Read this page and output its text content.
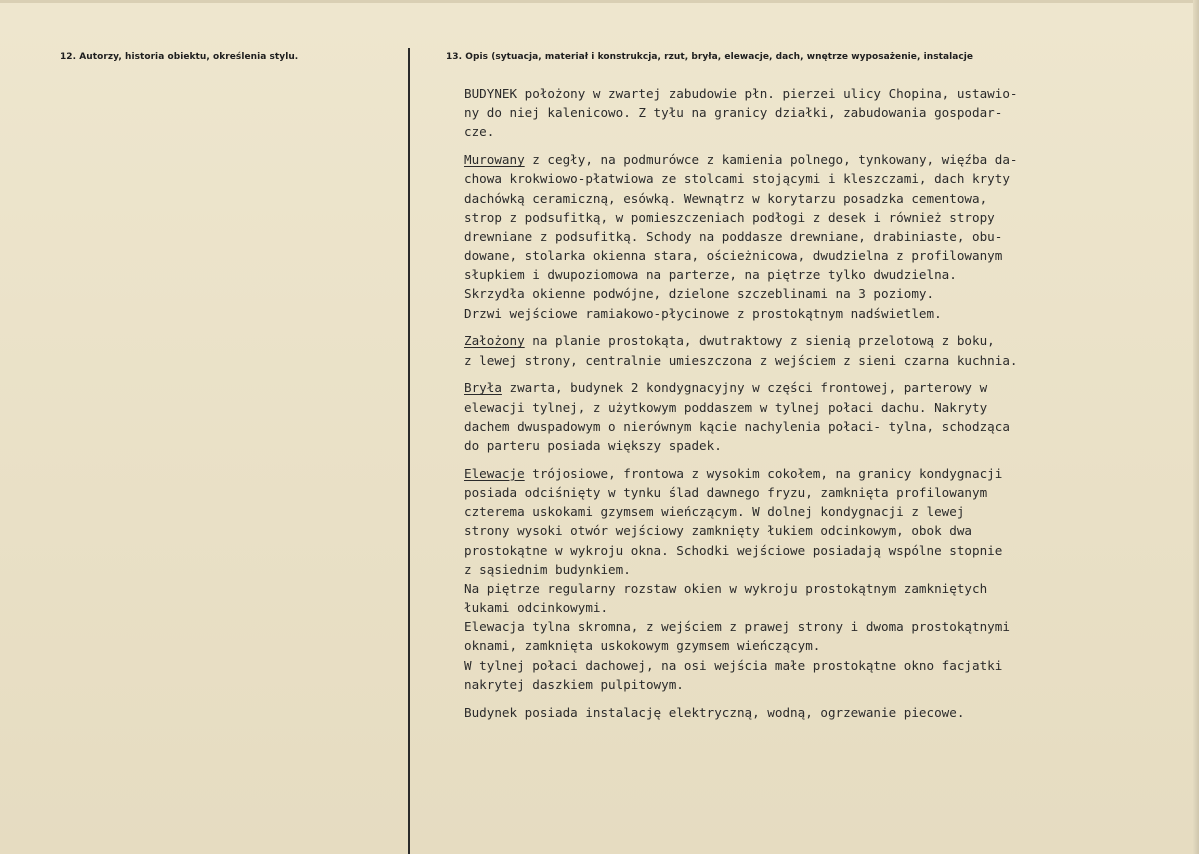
12. Autorzy, historia obiektu, określenia stylu.	13. Opis (sytuacja, materiał i konstrukcja, rzut, bryła, elewacje, dach, wnętrze wyposażenie, instalacje
BUDYNEK położony w zwartej zabudowie płn. pierzei ulicy Chopina, ustawio-
ny do niej kalenicowo. Z tyłu na granicy działki, zabudowania gospodar-
cze.
Murowany z cegły, na podmurówce z kamienia polnego, tynkowany, więźba da-
chowa krokwiowo-płatwiowa ze stolcami stojącymi i kleszczami, dach kryty
dachówką ceramiczną, esówką. Wewnątrz w korytarzu posadzka cementowa,
strop z podsufitką, w pomieszczeniach podłogi z desek i również stropy
drewniane z podsufitką. Schody na poddasze drewniane, drabiniaste, obu-
dowane, stolarka okienna stara, ościeżnicowa, dwudzielna z profilowanym
słupkiem i dwupoziomowa na parterze, na piętrze tylko dwudzielna.
Skrzydła okienne podwójne, dzielone szczeblinami na 3 poziomy.
Drzwi wejściowe ramiakowo-płycinowe z prostokątnym nadświetlem.
Założony na planie prostokąta, dwutraktowy z sienią przelotową z boku,
z lewej strony, centralnie umieszczona z wejściem z sieni czarna kuchnia.
Bryła zwarta, budynek 2 kondygnacyjny w części frontowej, parterowy w
elewacji tylnej, z użytkowym poddaszem w tylnej połaci dachu. Nakryty
dachem dwuspadowym o nierównym kącie nachylenia połaci- tylna, schodząca
do parteru posiada większy spadek.
Elewacje trójosiowe, frontowa z wysokim cokołem, na granicy kondygnacji
posiada odciśnięty w tynku ślad dawnego fryzu, zamknięta profilowanym
czterema uskokami gzymsem wieńczącym. W dolnej kondygnacji z lewej
strony wysoki otwór wejściowy zamknięty łukiem odcinkowym, obok dwa
prostokątne w wykroju okna. Schodki wejściowe posiadają wspólne stopnie
z sąsiednim budynkiem.
Na piętrze regularny rozstaw okien w wykroju prostokątnym zamkniętych
łukami odcinkowymi.
Elewacja tylna skromna, z wejściem z prawej strony i dwoma prostokątnymi
oknami, zamknięta uskokowym gzymsem wieńczącym.
W tylnej połaci dachowej, na osi wejścia małe prostokątne okno facjatki
nakrytej daszkiem pulpitowym.
Budynek posiada instalację elektryczną, wodną, ogrzewanie piecowe.
